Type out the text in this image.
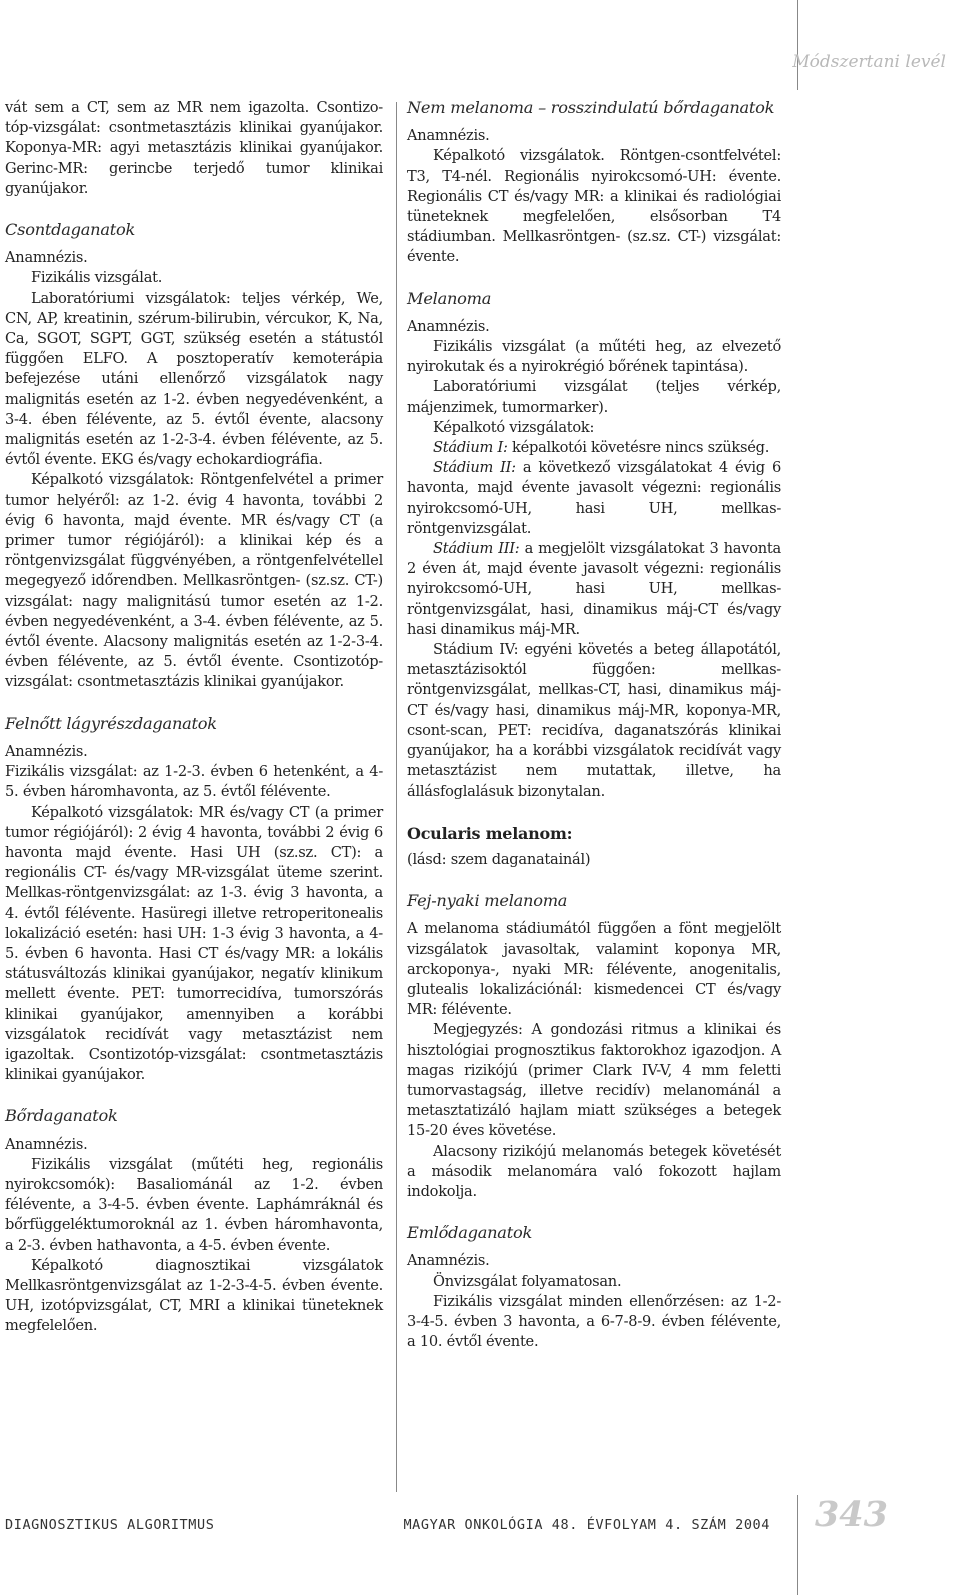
Módszertani levél

vát sem a CT, sem az MR nem igazolta. Csontizo-tóp-vizsgálat: csontmetasztázis klinikai gyanújakor. Koponya-MR: agyi metasztázis klinikai gyanújakor. Gerinc-MR: gerincbe terjedő tumor klinikai gyanújakor.

Csontdaganatok

Anamnézis.

Fizikális vizsgálat.

Laboratóriumi vizsgálatok: teljes vérkép, We, CN, AP, kreatinin, szérum-bilirubin, vércukor, K, Na, Ca, SGOT, SGPT, GGT, szükség esetén a státustól függően ELFO. A posztoperatív kemoterápia befejezése utáni ellenőrző vizsgálatok nagy malignitás esetén az 1-2. évben negyedévenként, a 3-4. ében félévente, az 5. évtől évente, alacsony malignitás esetén az 1-2-3-4. évben félévente, az 5. évtől évente. EKG és/vagy echokardiográfia.

Képalkotó vizsgálatok: Röntgenfelvétel a primer tumor helyéről: az 1-2. évig 4 havonta, további 2 évig 6 havonta, majd évente. MR és/vagy CT (a primer tumor régiójáról): a klinikai kép és a röntgenvizsgálat függvényében, a röntgenfelvétellel megegyező időrendben. Mellkasröntgen- (sz.sz. CT-) vizsgálat: nagy malignitású tumor esetén az 1-2. évben negyedévenként, a 3-4. évben félévente, az 5. évtől évente. Alacsony malignitás esetén az 1-2-3-4. évben félévente, az 5. évtől évente. Csontizotóp-vizsgálat: csontmetasztázis klinikai gyanújakor.

Felnőtt lágyrészdaganatok

Anamnézis.

Fizikális vizsgálat: az 1-2-3. évben 6 hetenként, a 4-5. évben háromhavonta, az 5. évtől félévente.

Képalkotó vizsgálatok: MR és/vagy CT (a primer tumor régiójáról): 2 évig 4 havonta, további 2 évig 6 havonta majd évente. Hasi UH (sz.sz. CT): a regionális CT- és/vagy MR-vizsgálat üteme szerint. Mellkas-röntgenvizsgálat: az 1-3. évig 3 havonta, a 4. évtől félévente. Hasüregi illetve retroperitonealis lokalizáció esetén: hasi UH: 1-3 évig 3 havonta, a 4-5. évben 6 havonta. Hasi CT és/vagy MR: a lokális státusváltozás klinikai gyanújakor, negatív klinikum mellett évente. PET: tumorrecidíva, tumorszórás klinikai gyanújakor, amennyiben a korábbi vizsgálatok recidívát vagy metasztázist nem igazoltak. Csontizotóp-vizsgálat: csontmetasztázis klinikai gyanújakor.

Bőrdaganatok

Anamnézis.

Fizikális vizsgálat (műtéti heg, regionális nyirokcsomók): Basaliománál az 1-2. évben félévente, a 3-4-5. évben évente. Laphámráknál és bőrfüggeléktumoroknál az 1. évben háromhavonta, a 2-3. évben hathavonta, a 4-5. évben évente.

Képalkotó diagnosztikai vizsgálatok Mellkasröntgenvizsgálat az 1-2-3-4-5. évben évente. UH, izotópvizsgálat, CT, MRI a klinikai tüneteknek megfelelően.

Nem melanoma – rosszindulatú bőrdaganatok

Anamnézis.

Képalkotó vizsgálatok. Röntgen-csontfelvétel: T3, T4-nél. Regionális nyirokcsomó-UH: évente. Regionális CT és/vagy MR: a klinikai és radiológiai tüneteknek megfelelően, elsősorban T4 stádiumban. Mellkasröntgen- (sz.sz. CT-) vizsgálat: évente.

Melanoma

Anamnézis.

Fizikális vizsgálat (a műtéti heg, az elvezető nyirokutak és a nyirokrégió bőrének tapintása).

Laboratóriumi vizsgálat (teljes vérkép, májenzimek, tumormarker).

Képalkotó vizsgálatok:

Stádium I: képalkotói követésre nincs szükség.

Stádium II: a következő vizsgálatokat 4 évig 6 havonta, majd évente javasolt végezni: regionális nyirokcsomó-UH, hasi UH, mellkas-röntgenvizsgálat.

Stádium III: a megjelölt vizsgálatokat 3 havonta 2 éven át, majd évente javasolt végezni: regionális nyirokcsomó-UH, hasi UH, mellkas-röntgenvizsgálat, hasi, dinamikus máj-CT és/vagy hasi dinamikus máj-MR.

Stádium IV: egyéni követés a beteg állapotától, metasztázisoktól függően: mellkas-röntgenvizsgálat, mellkas-CT, hasi, dinamikus máj-CT és/vagy hasi, dinamikus máj-MR, koponya-MR, csont-scan, PET: recidíva, daganatszórás klinikai gyanújakor, ha a korábbi vizsgálatok recidívát vagy metasztázist nem mutattak, illetve, ha állásfoglalásuk bizonytalan.

Ocularis melanom:

(lásd: szem daganatainál)

Fej-nyaki melanoma

A melanoma stádiumától függően a fönt megjelölt vizsgálatok javasoltak, valamint koponya MR, arckoponya-, nyaki MR: félévente, anogenitalis, glutealis lokalizációnál: kismedencei CT és/vagy MR: félévente.

Megjegyzés: A gondozási ritmus a klinikai és hisztológiai prognosztikus faktorokhoz igazodjon. A magas rizikójú (primer Clark IV-V, 4 mm feletti tumorvastagság, illetve recidív) melanománál a metasztatizáló hajlam miatt szükséges a betegek 15-20 éves követése.

Alacsony rizikójú melanomás betegek követését a második melanomára való fokozott hajlam indokolja.

Emlődaganatok

Anamnézis.

Önvizsgálat folyamatosan.

Fizikális vizsgálat minden ellenőrzésen: az 1-2-3-4-5. évben 3 havonta, a 6-7-8-9. évben félévente, a 10. évtől évente.

DIAGNOSZTIKUS ALGORITMUS	MAGYAR ONKOLÓGIA 48. ÉVFOLYAM 4. SZÁM 2004 343
